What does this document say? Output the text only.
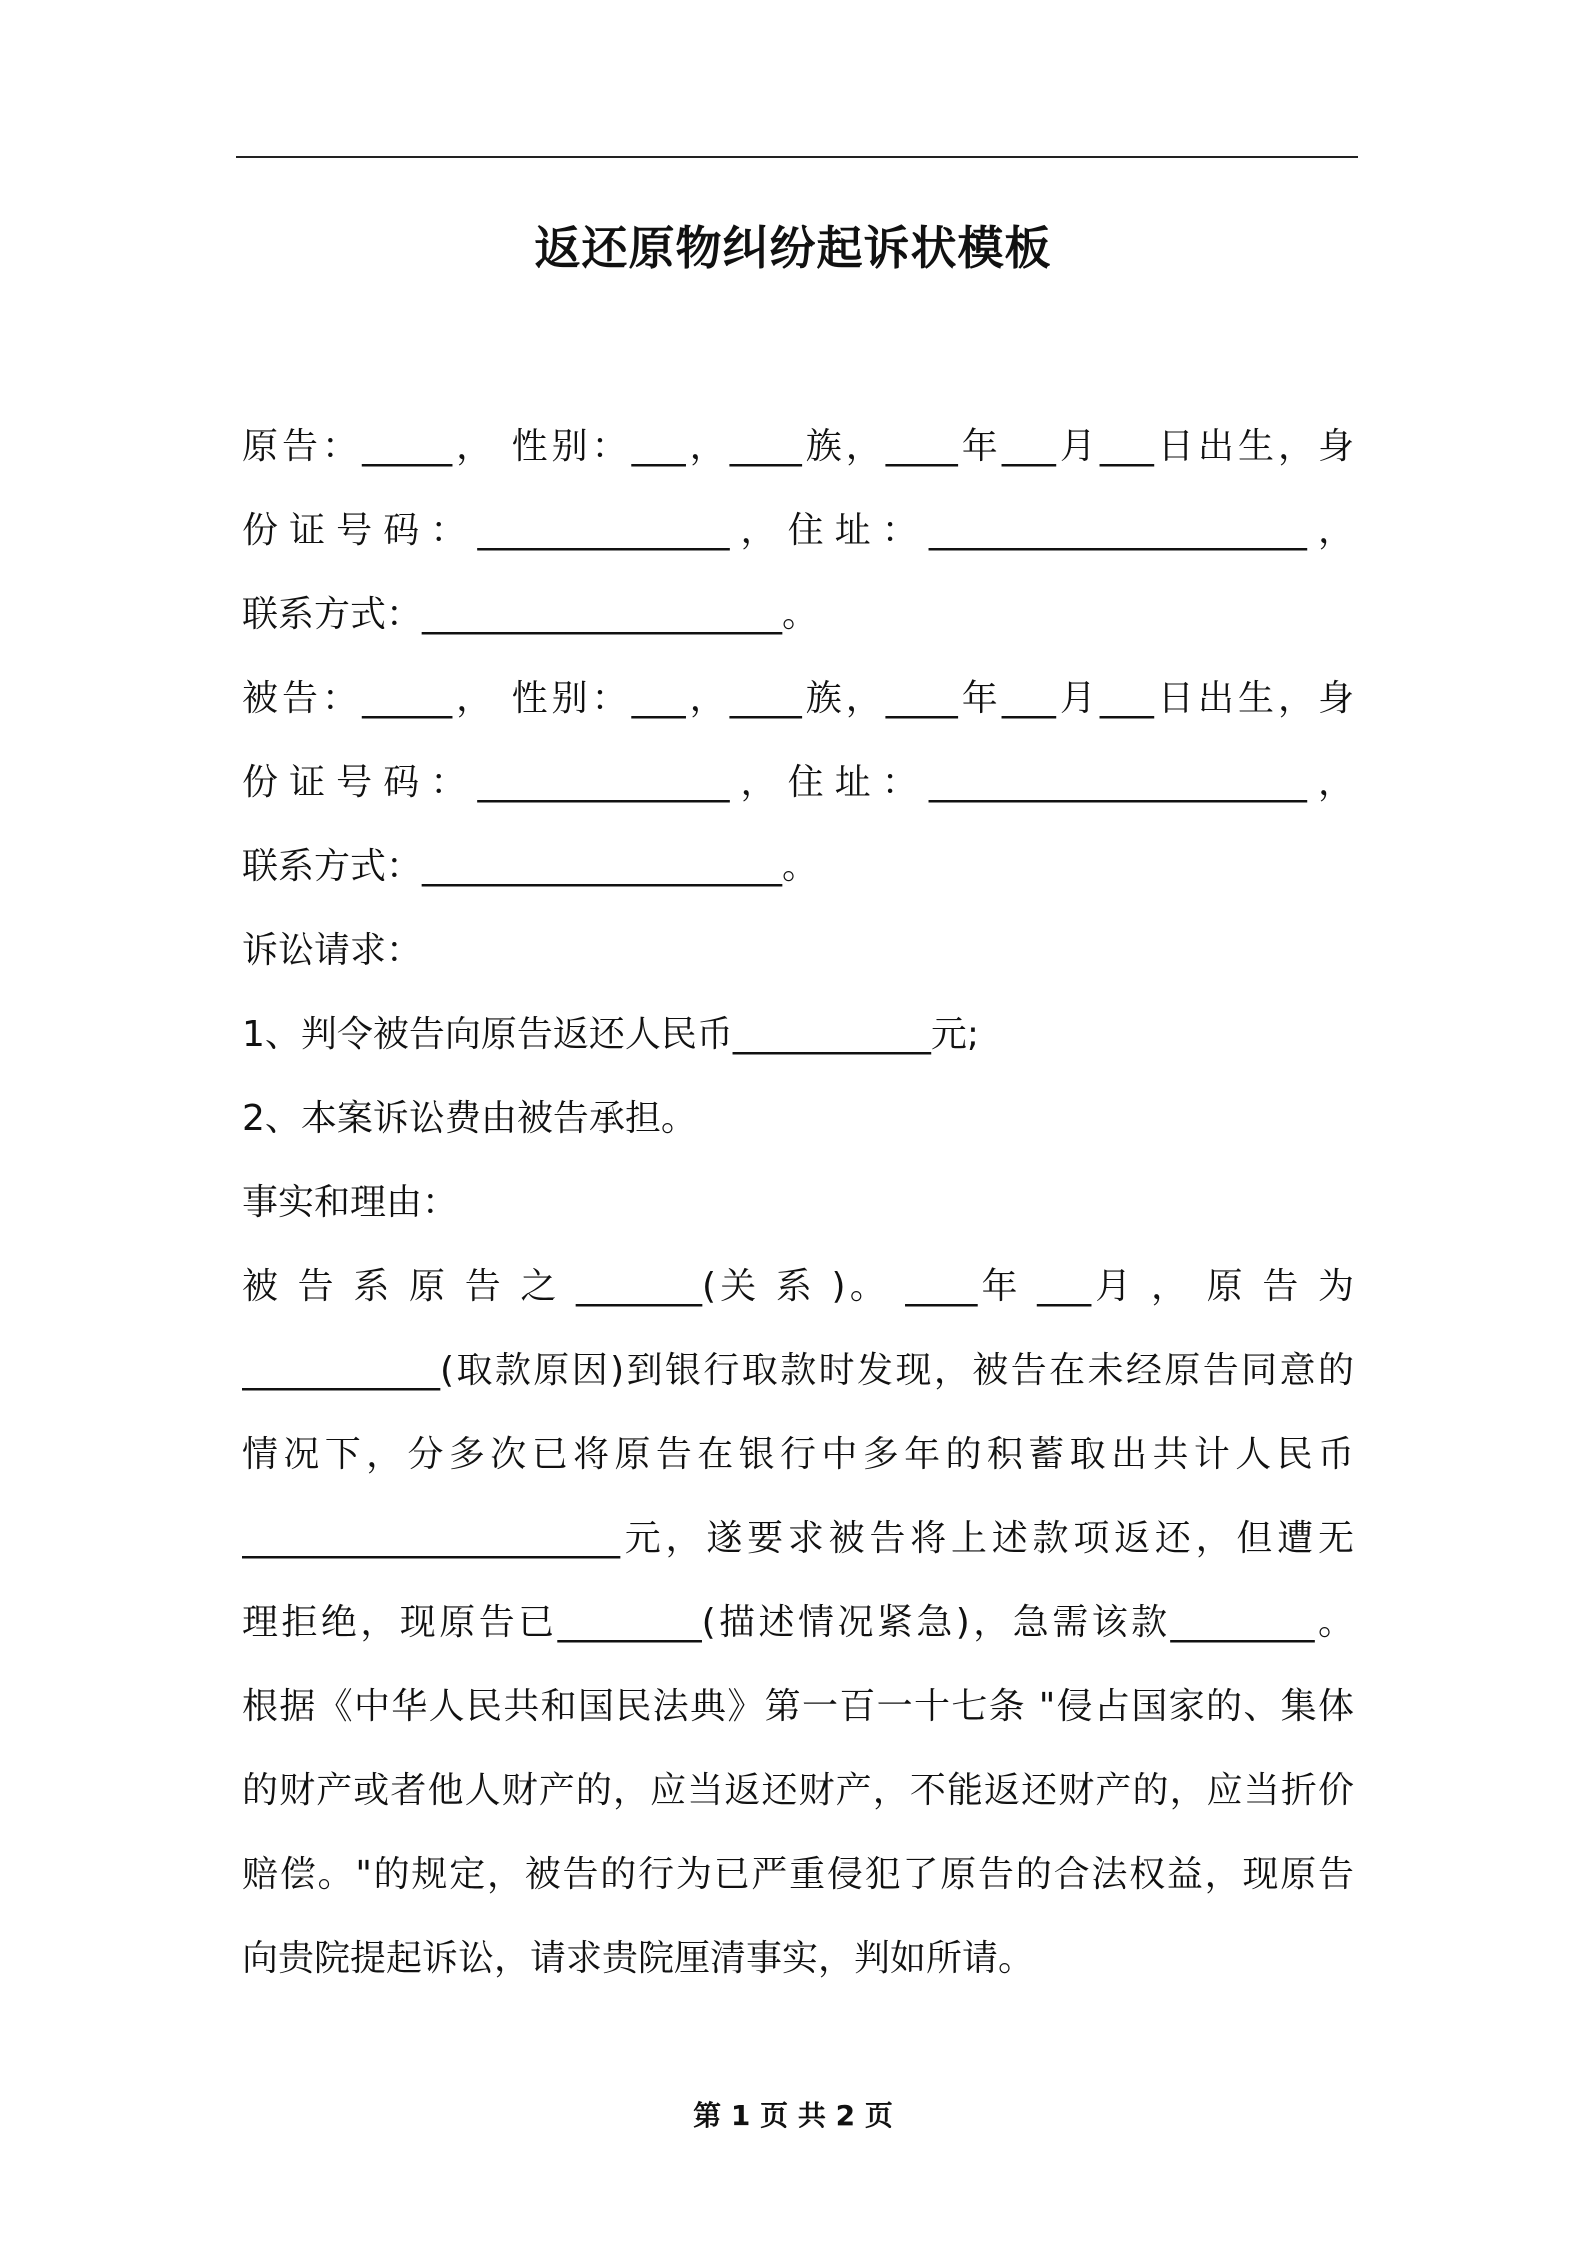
返还原物纠纷起诉状模板
原告：_____， 性别：___，____族，____年___月___日出生，身
份证号码：______________，住址：_____________________，
联系方式：____________________。
被告：_____， 性别：___，____族，____年___月___日出生，身
份证号码：______________，住址：_____________________，
联系方式：____________________。
诉讼请求：
1、判令被告向原告返还人民币___________元;
2、本案诉讼费由被告承担。
事实和理由：
被 告 系 原 告 之 _______(关 系 )。 ____年 ___月 ， 原 告 为
___________(取款原因)到银行取款时发现，被告在未经原告同意的
情况下，分多次已将原告在银行中多年的积蓄取出共计人民币
_____________________元，遂要求被告将上述款项返还，但遭无
理拒绝，现原告已________(描述情况紧急)，急需该款________。
根据《中华人民共和国民法典》第一百一十七条 "侵占国家的、集体
的财产或者他人财产的，应当返还财产，不能返还财产的，应当折价
赔偿。"的规定，被告的行为已严重侵犯了原告的合法权益，现原告
向贵院提起诉讼，请求贵院厘清事实，判如所请。
第 1 页 共 2 页
